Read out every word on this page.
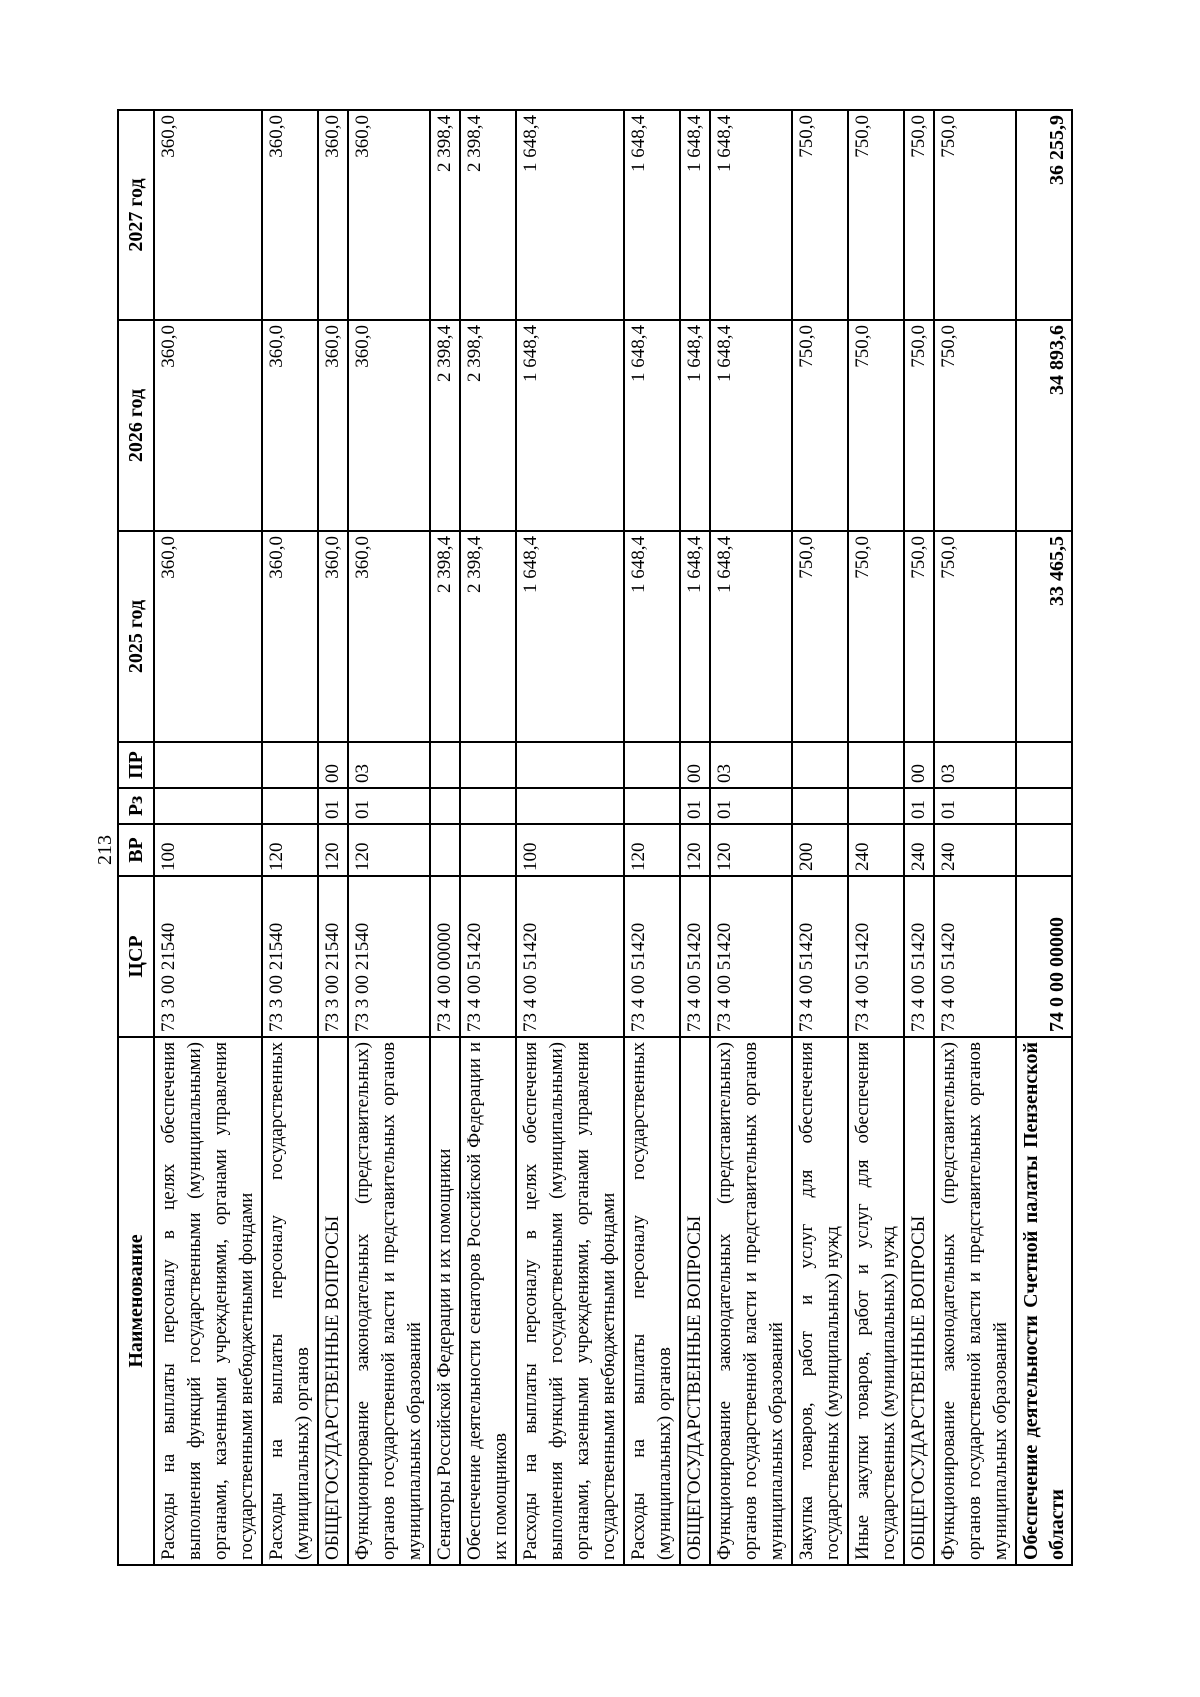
213
Наименование	ЦСР	ВР	Рз	ПР	2025 год	2026 год	2027 год
Расходы на выплаты персоналу в целях обеспечения выполнения функций государственными (муниципальными) органами, казенными учреждениями, органами управления государственными внебюджетными фондами	73 3 00 21540	100			360,0	360,0	360,0
Расходы на выплаты персоналу государственных (муниципальных) органов	73 3 00 21540	120			360,0	360,0	360,0
ОБЩЕГОСУДАРСТВЕННЫЕ ВОПРОСЫ	73 3 00 21540	120	01	00	360,0	360,0	360,0
Функционирование законодательных (представительных) органов государственной власти и представительных органов муниципальных образований	73 3 00 21540	120	01	03	360,0	360,0	360,0
Сенаторы Российской Федерации и их помощники	73 4 00 00000				2 398,4	2 398,4	2 398,4
Обеспечение деятельности сенаторов Российской Федерации и их помощников	73 4 00 51420				2 398,4	2 398,4	2 398,4
Расходы на выплаты персоналу в целях обеспечения выполнения функций государственными (муниципальными) органами, казенными учреждениями, органами управления государственными внебюджетными фондами	73 4 00 51420	100			1 648,4	1 648,4	1 648,4
Расходы на выплаты персоналу государственных (муниципальных) органов	73 4 00 51420	120			1 648,4	1 648,4	1 648,4
ОБЩЕГОСУДАРСТВЕННЫЕ ВОПРОСЫ	73 4 00 51420	120	01	00	1 648,4	1 648,4	1 648,4
Функционирование законодательных (представительных) органов государственной власти и представительных органов муниципальных образований	73 4 00 51420	120	01	03	1 648,4	1 648,4	1 648,4
Закупка товаров, работ и услуг для обеспечения государственных (муниципальных) нужд	73 4 00 51420	200			750,0	750,0	750,0
Иные закупки товаров, работ и услуг для обеспечения государственных (муниципальных) нужд	73 4 00 51420	240			750,0	750,0	750,0
ОБЩЕГОСУДАРСТВЕННЫЕ ВОПРОСЫ	73 4 00 51420	240	01	00	750,0	750,0	750,0
Функционирование законодательных (представительных) органов государственной власти и представительных органов муниципальных образований	73 4 00 51420	240	01	03	750,0	750,0	750,0
Обеспечение деятельности Счетной палаты Пензенской области	74 0 00 00000				33 465,5	34 893,6	36 255,9
